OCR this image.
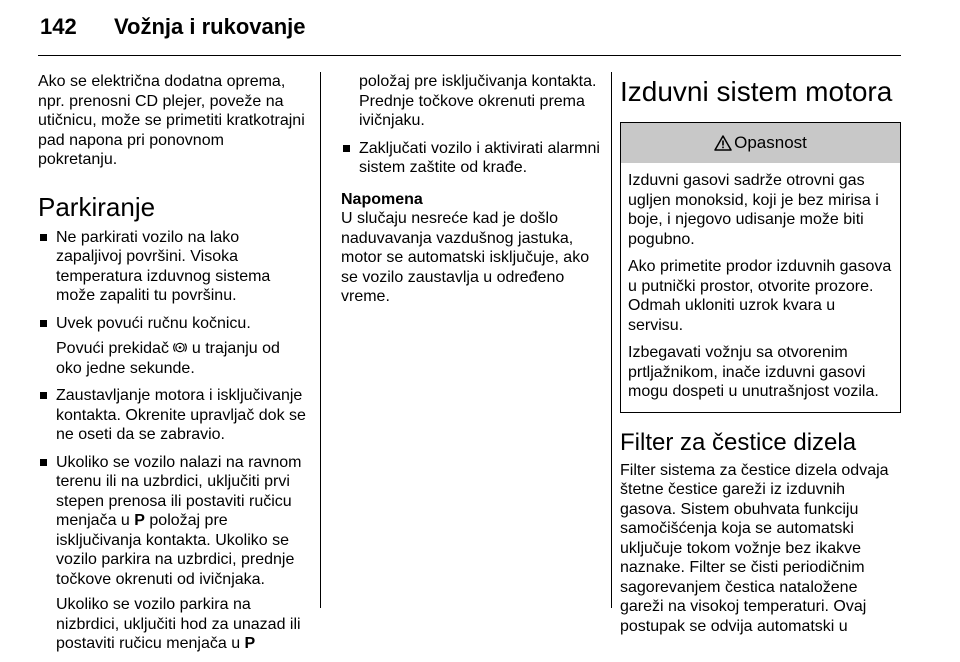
142 Vožnja i rukovanje

Ako se električna dodatna oprema, npr. prenosni CD plejer, poveže na utičnicu, može se primetiti kratkotrajni pad napona pri ponovnom pokretanju.

Parkiranje
Ne parkirati vozilo na lako zapaljivoj površini. Visoka temperatura izduvnog sistema može zapaliti tu površinu.
Uvek povući ručnu kočnicu.

Povući prekidač u trajanju od oko jedne sekunde.

Zaustavljanje motora i isključivanje kontakta. Okrenite upravljač dok se ne oseti da se zabravio.
Ukoliko se vozilo nalazi na ravnom terenu ili na uzbrdici, uključiti prvi stepen prenosa ili postaviti ručicu menjača u P položaj pre isključivanja kontakta. Ukoliko se vozilo parkira na uzbrdici, prednje točkove okrenuti od ivičnjaka.

Ukoliko se vozilo parkira na nizbrdici, uključiti hod za unazad ili postaviti ručicu menjača u P

položaj pre isključivanja kontakta. Prednje točkove okrenuti prema ivičnjaku.

Zaključati vozilo i aktivirati alarmni sistem zaštite od krađe.

Napomena

U slučaju nesreće kad je došlo naduvavanja vazdušnog jastuka, motor se automatski isključuje, ako se vozilo zaustavlja u određeno vreme.

Izduvni sistem motora
Opasnost

Izduvni gasovi sadrže otrovni gas ugljen monoksid, koji je bez mirisa i boje, i njegovo udisanje može biti pogubno.

Ako primetite prodor izduvnih gasova u putnički prostor, otvorite prozore. Odmah ukloniti uzrok kvara u servisu.

Izbegavati vožnju sa otvorenim prtljažnikom, inače izduvni gasovi mogu dospeti u unutrašnjost vozila.

Filter za čestice dizela

Filter sistema za čestice dizela odvaja štetne čestice gareži iz izduvnih gasova. Sistem obuhvata funkciju samočišćenja koja se automatski uključuje tokom vožnje bez ikakve naznake. Filter se čisti periodičnim sagorevanjem čestica nataložene gareži na visokoj temperaturi. Ovaj postupak se odvija automatski u
